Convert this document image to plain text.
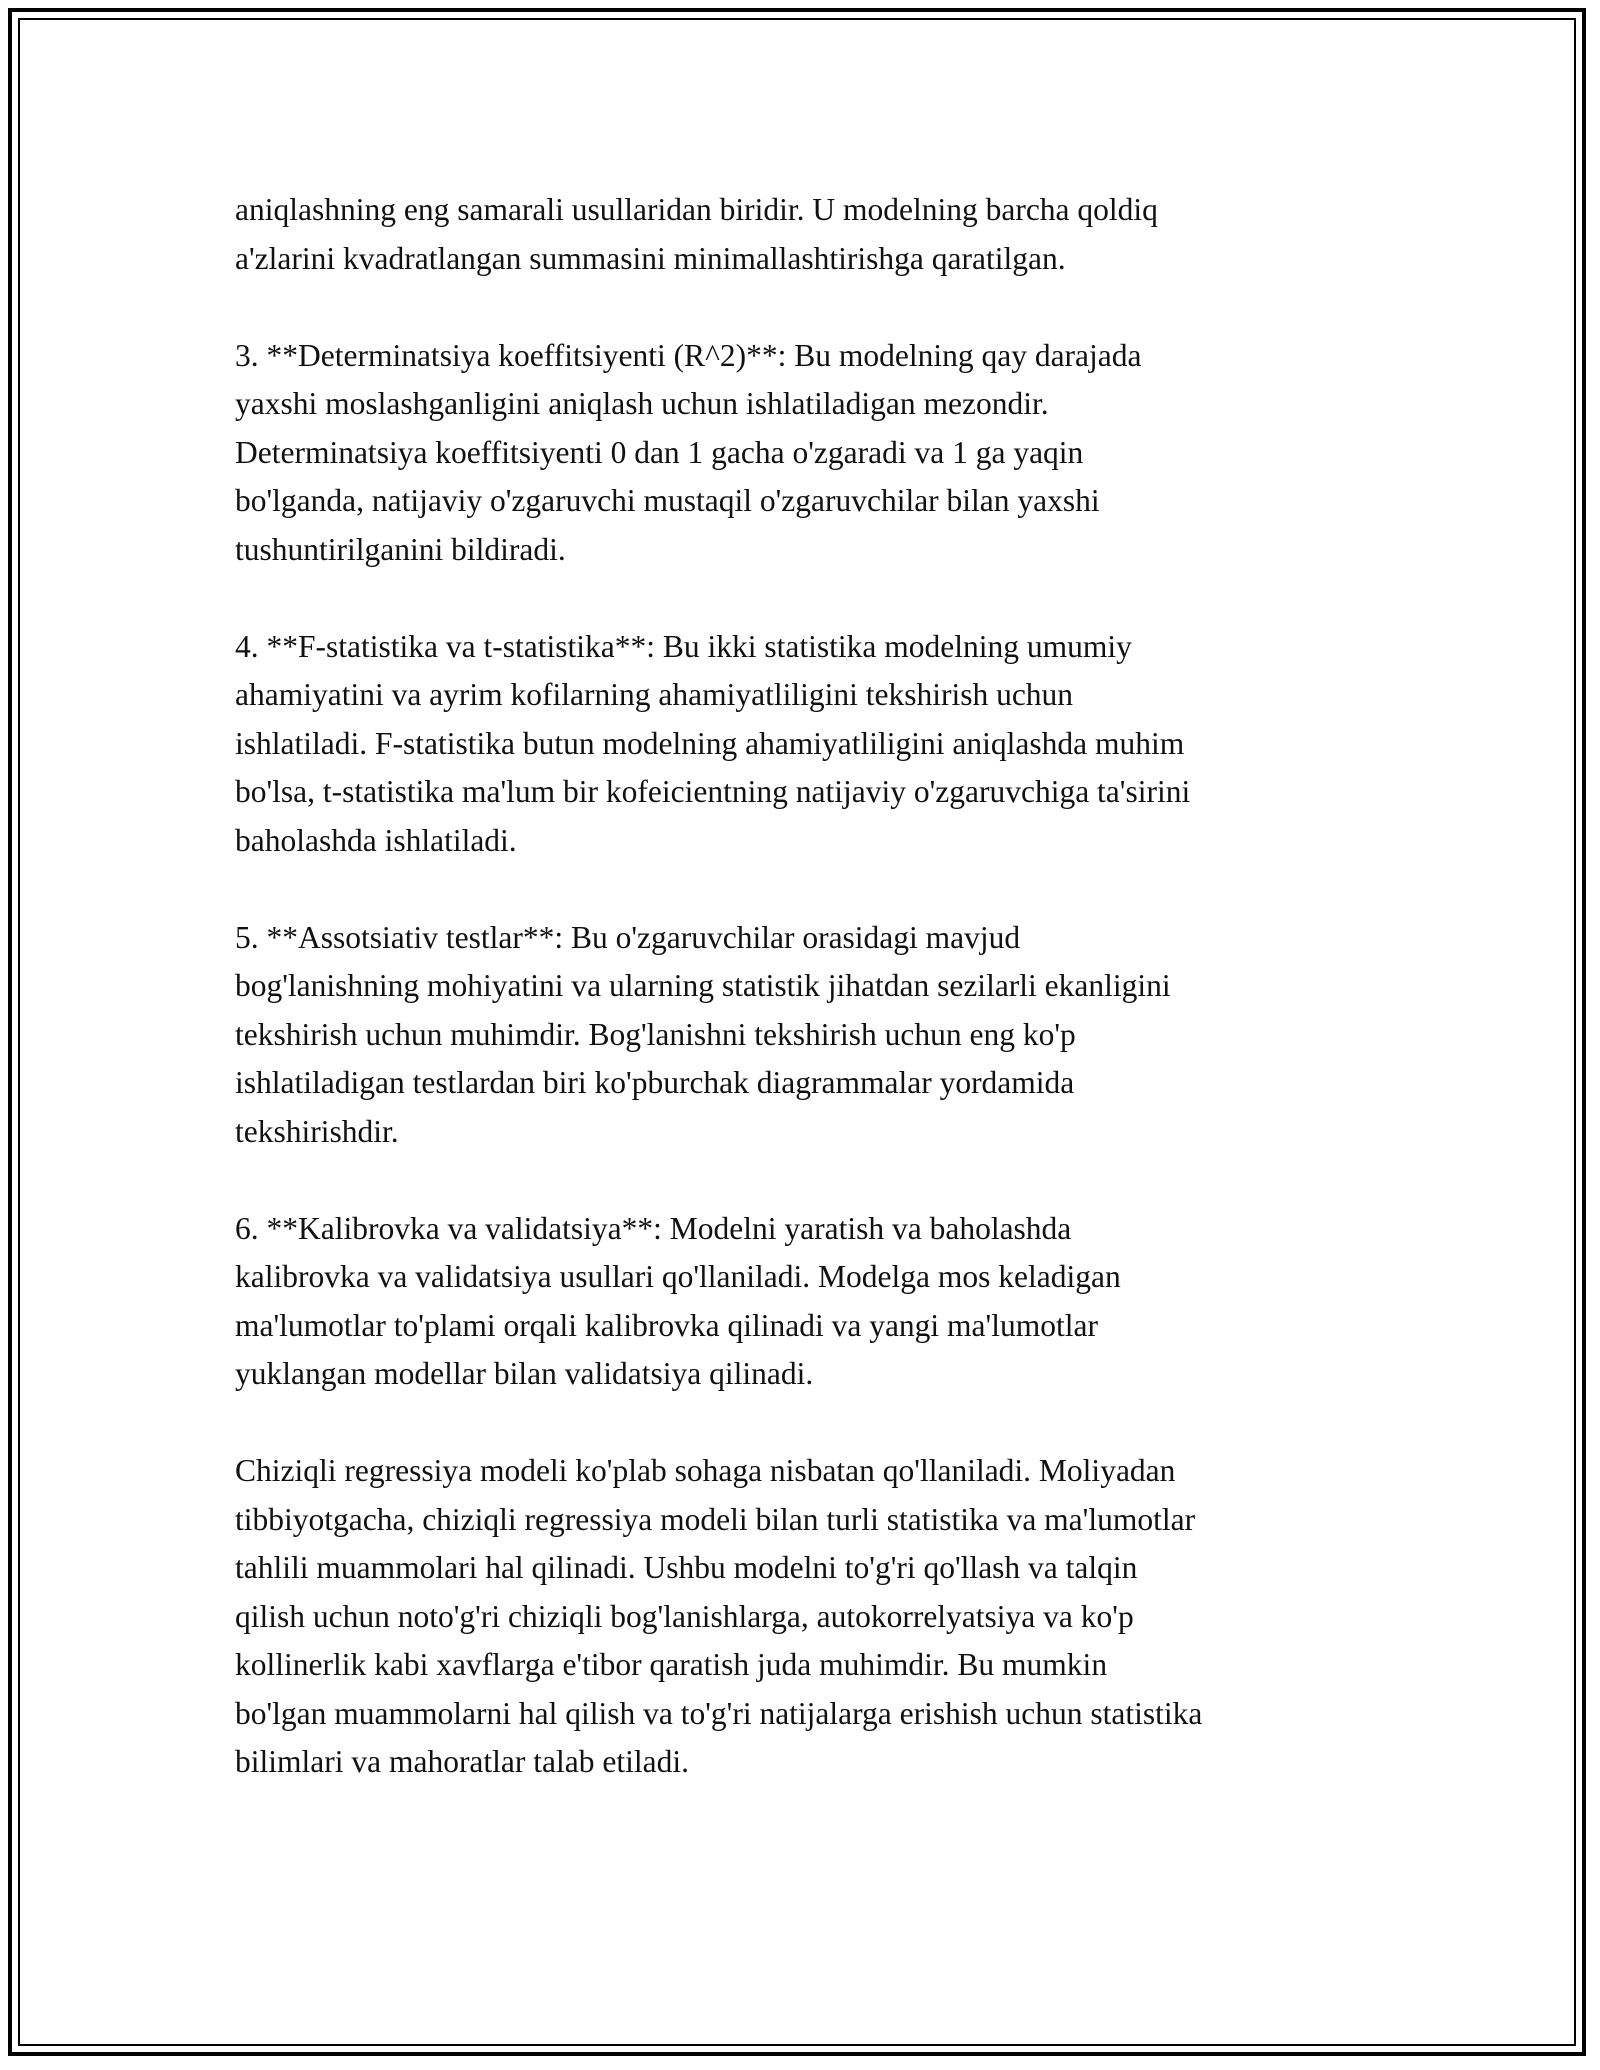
aniqlashning eng samarali usullaridan biridir. U modelning barcha qoldiq
a'zlarini kvadratlangan summasini minimallashtirishga qaratilgan.

3. **Determinatsiya koeffitsiyenti (R^2)**: Bu modelning qay darajada
yaxshi moslashganligini aniqlash uchun ishlatiladigan mezondir.
Determinatsiya koeffitsiyenti 0 dan 1 gacha o'zgaradi va 1 ga yaqin
bo'lganda, natijaviy o'zgaruvchi mustaqil o'zgaruvchilar bilan yaxshi
tushuntirilganini bildiradi.

4. **F-statistika va t-statistika**: Bu ikki statistika modelning umumiy
ahamiyatini va ayrim kofilarning ahamiyatliligini tekshirish uchun
ishlatiladi. F-statistika butun modelning ahamiyatliligini aniqlashda muhim
bo'lsa, t-statistika ma'lum bir kofeicientning natijaviy o'zgaruvchiga ta'sirini
baholashda ishlatiladi.

5. **Assotsiativ testlar**: Bu o'zgaruvchilar orasidagi mavjud
bog'lanishning mohiyatini va ularning statistik jihatdan sezilarli ekanligini
tekshirish uchun muhimdir. Bog'lanishni tekshirish uchun eng ko'p
ishlatiladigan testlardan biri ko'pburchak diagrammalar yordamida
tekshirishdir.

6. **Kalibrovka va validatsiya**: Modelni yaratish va baholashda
kalibrovka va validatsiya usullari qo'llaniladi. Modelga mos keladigan
ma'lumotlar to'plami orqali kalibrovka qilinadi va yangi ma'lumotlar
yuklangan modellar bilan validatsiya qilinadi.

Chiziqli regressiya modeli ko'plab sohaga nisbatan qo'llaniladi. Moliyadan
tibbiyotgacha, chiziqli regressiya modeli bilan turli statistika va ma'lumotlar
tahlili muammolari hal qilinadi. Ushbu modelni to'g'ri qo'llash va talqin
qilish uchun noto'g'ri chiziqli bog'lanishlarga, autokorrelyatsiya va ko'p
kollinerlik kabi xavflarga e'tibor qaratish juda muhimdir. Bu mumkin
bo'lgan muammolarni hal qilish va to'g'ri natijalarga erishish uchun statistika
bilimlari va mahoratlar talab etiladi.
